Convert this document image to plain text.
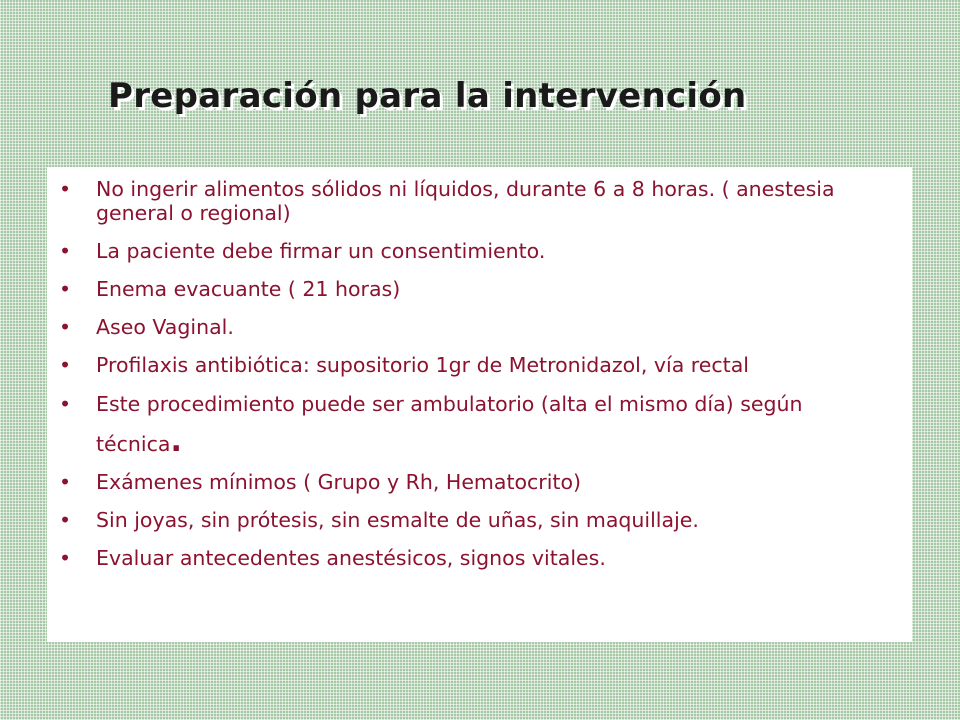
Preparación para la intervención
• No ingerir alimentos sólidos ni líquidos, durante 6 a 8 horas. ( anestesia general o regional)
• La paciente debe firmar un consentimiento.
• Enema evacuante ( 21 horas)
• Aseo Vaginal.
• Profilaxis antibiótica: supositorio 1gr de Metronidazol, vía rectal
• Este procedimiento puede ser ambulatorio (alta el mismo día) según técnica.
• Exámenes mínimos ( Grupo y Rh, Hematocrito)
• Sin joyas, sin prótesis, sin esmalte de uñas, sin maquillaje.
• Evaluar antecedentes anestésicos, signos vitales.
